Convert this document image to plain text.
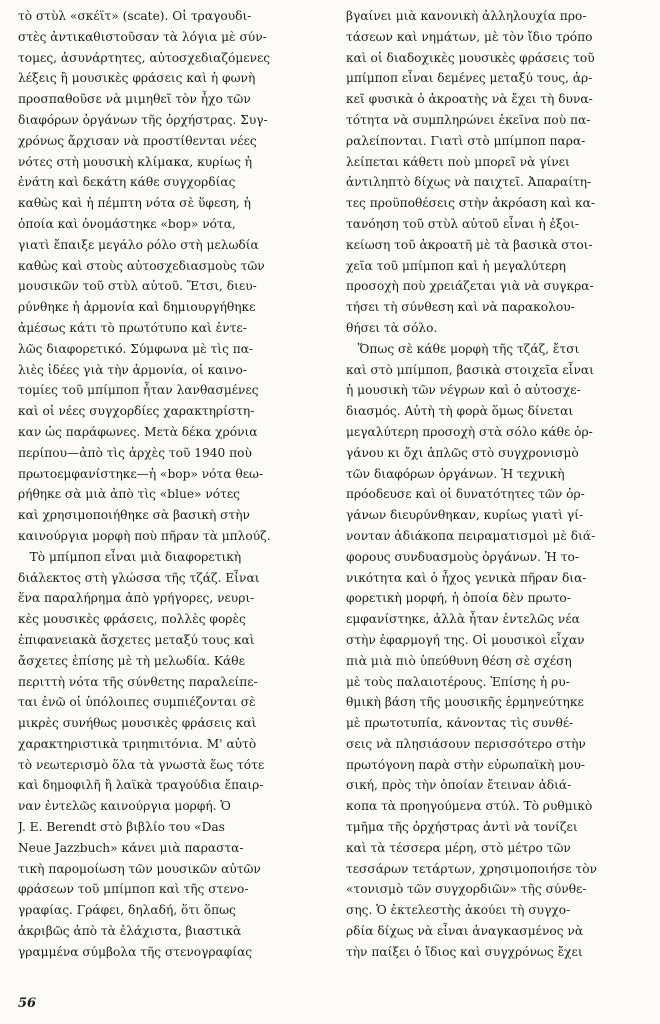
τὸ στὺλ «σκέϊτ» (scate). Οἱ τραγουδι-
στὲς ἀντικαθιστοῦσαν τὰ λόγια μὲ σύν-
τομες, ἀσυνάρτητες, αὐτοσχεδιαζόμενες
λέξεις ἢ μουσικὲς φράσεις καὶ ἡ φωνὴ
προσπαθοῦσε νὰ μιμηθεῖ τὸν ἦχο τῶν
διαφόρων ὀργάνων τῆς ὀρχήστρας. Συγ-
χρόνως ἄρχισαν νὰ προστίθενται νέες
νότες στὴ μουσικὴ κλίμακα, κυρίως ἡ
ἐνάτη καὶ δεκάτη κάθε συγχορδίας
καθὼς καὶ ἡ πέμπτη νότα σὲ ὕφεση, ἡ
ὁποία καὶ ὀνομάστηκε «bop» νότα,
γιατὶ ἔπαιξε μεγάλο ρόλο στὴ μελωδία
καθὼς καὶ στοὺς αὐτοσχεδιασμοὺς τῶν
μουσικῶν τοῦ στὺλ αὐτοῦ. Ἔτσι, διευ-
ρύνθηκε ἡ ἁρμονία καὶ δημιουργήθηκε
ἀμέσως κάτι τὸ πρωτότυπο καὶ ἐντε-
λῶς διαφορετικό. Σύμφωνα μὲ τὶς πα-
λιὲς ἰδέες γιὰ τὴν ἁρμονία, οἱ καινο-
τομίες τοῦ μπίμποπ ἦταν λανθασμένες
καὶ οἱ νέες συγχορδίες χαρακτηρίστη-
καν ὡς παράφωνες. Μετὰ δέκα χρόνια
περίπου—ἀπὸ τὶς ἀρχὲς τοῦ 1940 ποὺ
πρωτοεμφανίστηκε—ἡ «bop» νότα θεω-
ρήθηκε σὰ μιὰ ἀπὸ τὶς «blue» νότες
καὶ χρησιμοποιήθηκε σὰ βασικὴ στὴν
καινούργια μορφὴ ποὺ πῆραν τὰ μπλούζ.
Τὸ μπίμποπ εἶναι μιὰ διαφορετικὴ
διάλεκτος στὴ γλώσσα τῆς τζάζ. Εἶναι
ἕνα παραλήρημα ἀπὸ γρήγορες, νευρι-
κὲς μουσικὲς φράσεις, πολλὲς φορὲς
ἐπιφανειακὰ ἄσχετες μεταξύ τους καὶ
ἄσχετες ἐπίσης μὲ τὴ μελωδία. Κάθε
περιττὴ νότα τῆς σύνθετης παραλείπε-
ται ἐνῶ οἱ ὑπόλοιπες συμπιέζονται σὲ
μικρὲς συνήθως μουσικὲς φράσεις καὶ
χαρακτηριστικὰ τριηmιτόνια. Μ' αὐτὸ
τὸ νεωτερισμὸ ὅλα τὰ γνωστὰ ἕως τότε
καὶ δημοφιλῆ ἢ λαϊκὰ τραγούδια ἔπαιρ-
ναν ἐντελῶς καινούργια μορφή. Ὁ
J. E. Berendt στὸ βιβλίο του «Das
Neue Jazzbuch» κάνει μιὰ παραστα-
τικὴ παρομοίωση τῶν μουσικῶν αὐτῶν
φράσεων τοῦ μπίμποπ καὶ τῆς στενο-
γραφίας. Γράφει, δηλαδή, ὅτι ὅπως
ἀκριβῶς ἀπὸ τὰ ἐλάχιστα, βιαστικὰ
γραμμένα σύμβολα τῆς στενογραφίας
βγαίνει μιὰ κανονικὴ ἀλληλουχία προ-
τάσεων καὶ νημάτων, μὲ τὸν ἴδιο τρόπο
καὶ οἱ διαδοχικὲς μουσικὲς φράσεις τοῦ
μπίμποπ εἶναι δεμένες μεταξύ τους, ἀρ-
κεῖ φυσικὰ ὁ ἀκροατὴς νὰ ἔχει τὴ δυνα-
τότητα νὰ συμπληρώνει ἐκεῖνα ποὺ πα-
ραλείπονται. Γιατὶ στὸ μπίμποπ παρα-
λείπεται κάθετι ποὺ μπορεῖ νὰ γίνει
ἀντιληπτὸ δίχως νὰ παιχτεῖ. Ἀπαραίτη-
τες προϋποθέσεις στὴν ἀκρόαση καὶ κα-
τανόηση τοῦ στὺλ αὐτοῦ εἶναι ἡ ἐξοι-
κείωση τοῦ ἀκροατῆ μὲ τὰ βασικὰ στοι-
χεῖα τοῦ μπίμποπ καὶ ἡ μεγαλύτερη
προσοχὴ ποὺ χρειάζεται γιὰ νὰ συγκρα-
τήσει τὴ σύνθεση καὶ νὰ παρακολου-
θήσει τὰ σόλο.
Ὅπως σὲ κάθε μορφὴ τῆς τζάζ, ἔτσι
καὶ στὸ μπίμποπ, βασικὰ στοιχεῖα εἶναι
ἡ μουσικὴ τῶν νέγρων καὶ ὁ αὐτοσχε-
διασμός. Αὐτὴ τὴ φορὰ ὅμως δίνεται
μεγαλύτερη προσοχὴ στὰ σόλο κάθε ὀρ-
γάνου κι ὄχι ἁπλῶς στὸ συγχρονισμὸ
τῶν διαφόρων ὀργάνων. Ἡ τεχνικὴ
πρόοδευσε καὶ οἱ δυνατότητες τῶν ὀρ-
γάνων διευρύνθηκαν, κυρίως γιατὶ γί-
νονταν ἀδιάκοπα πειραματισμοὶ μὲ διά-
φορους συνδυασμοὺς ὀργάνων. Ἡ το-
νικότητα καὶ ὁ ἦχος γενικὰ πῆραν δια-
φορετικὴ μορφή, ἡ ὁποία δὲν πρωτο-
εμφανίστηκε, ἀλλὰ ἦταν ἐντελῶς νέα
στὴν ἐφαρμογή της. Οἱ μουσικοὶ εἶχαν
πιὰ μιὰ πιὸ ὑπεύθυνη θέση σὲ σχέση
μὲ τοὺς παλαιοτέρους. Ἐπίσης ἡ ρυ-
θμικὴ βάση τῆς μουσικῆς ἑρμηνεύτηκε
μὲ πρωτοτυπία, κάνοντας τὶς συνθέ-
σεις νὰ πλησιάσουν περισσότερο στὴν
πρωτόγονη παρὰ στὴν εὐρωπαϊκὴ μου-
σική, πρὸς τὴν ὁποίαν ἔτειναν ἀδιά-
κοπα τὰ προηγούμενα στύλ. Τὸ ρυθμικὸ
τμῆμα τῆς ὀρχήστρας ἀντὶ νὰ τονίζει
καὶ τὰ τέσσερα μέρη, στὸ μέτρο τῶν
τεσσάρων τετάρτων, χρησιμοποιήσε τὸν
«τονισμὸ τῶν συγχορδιῶν» τῆς σύνθε-
σης. Ὁ ἐκτελεστὴς ἀκούει τὴ συγχο-
ρδία δίχως νὰ εἶναι ἀναγκασμένος νὰ
τὴν παίξει ὁ ἴδιος καὶ συγχρόνως ἔχει
56
